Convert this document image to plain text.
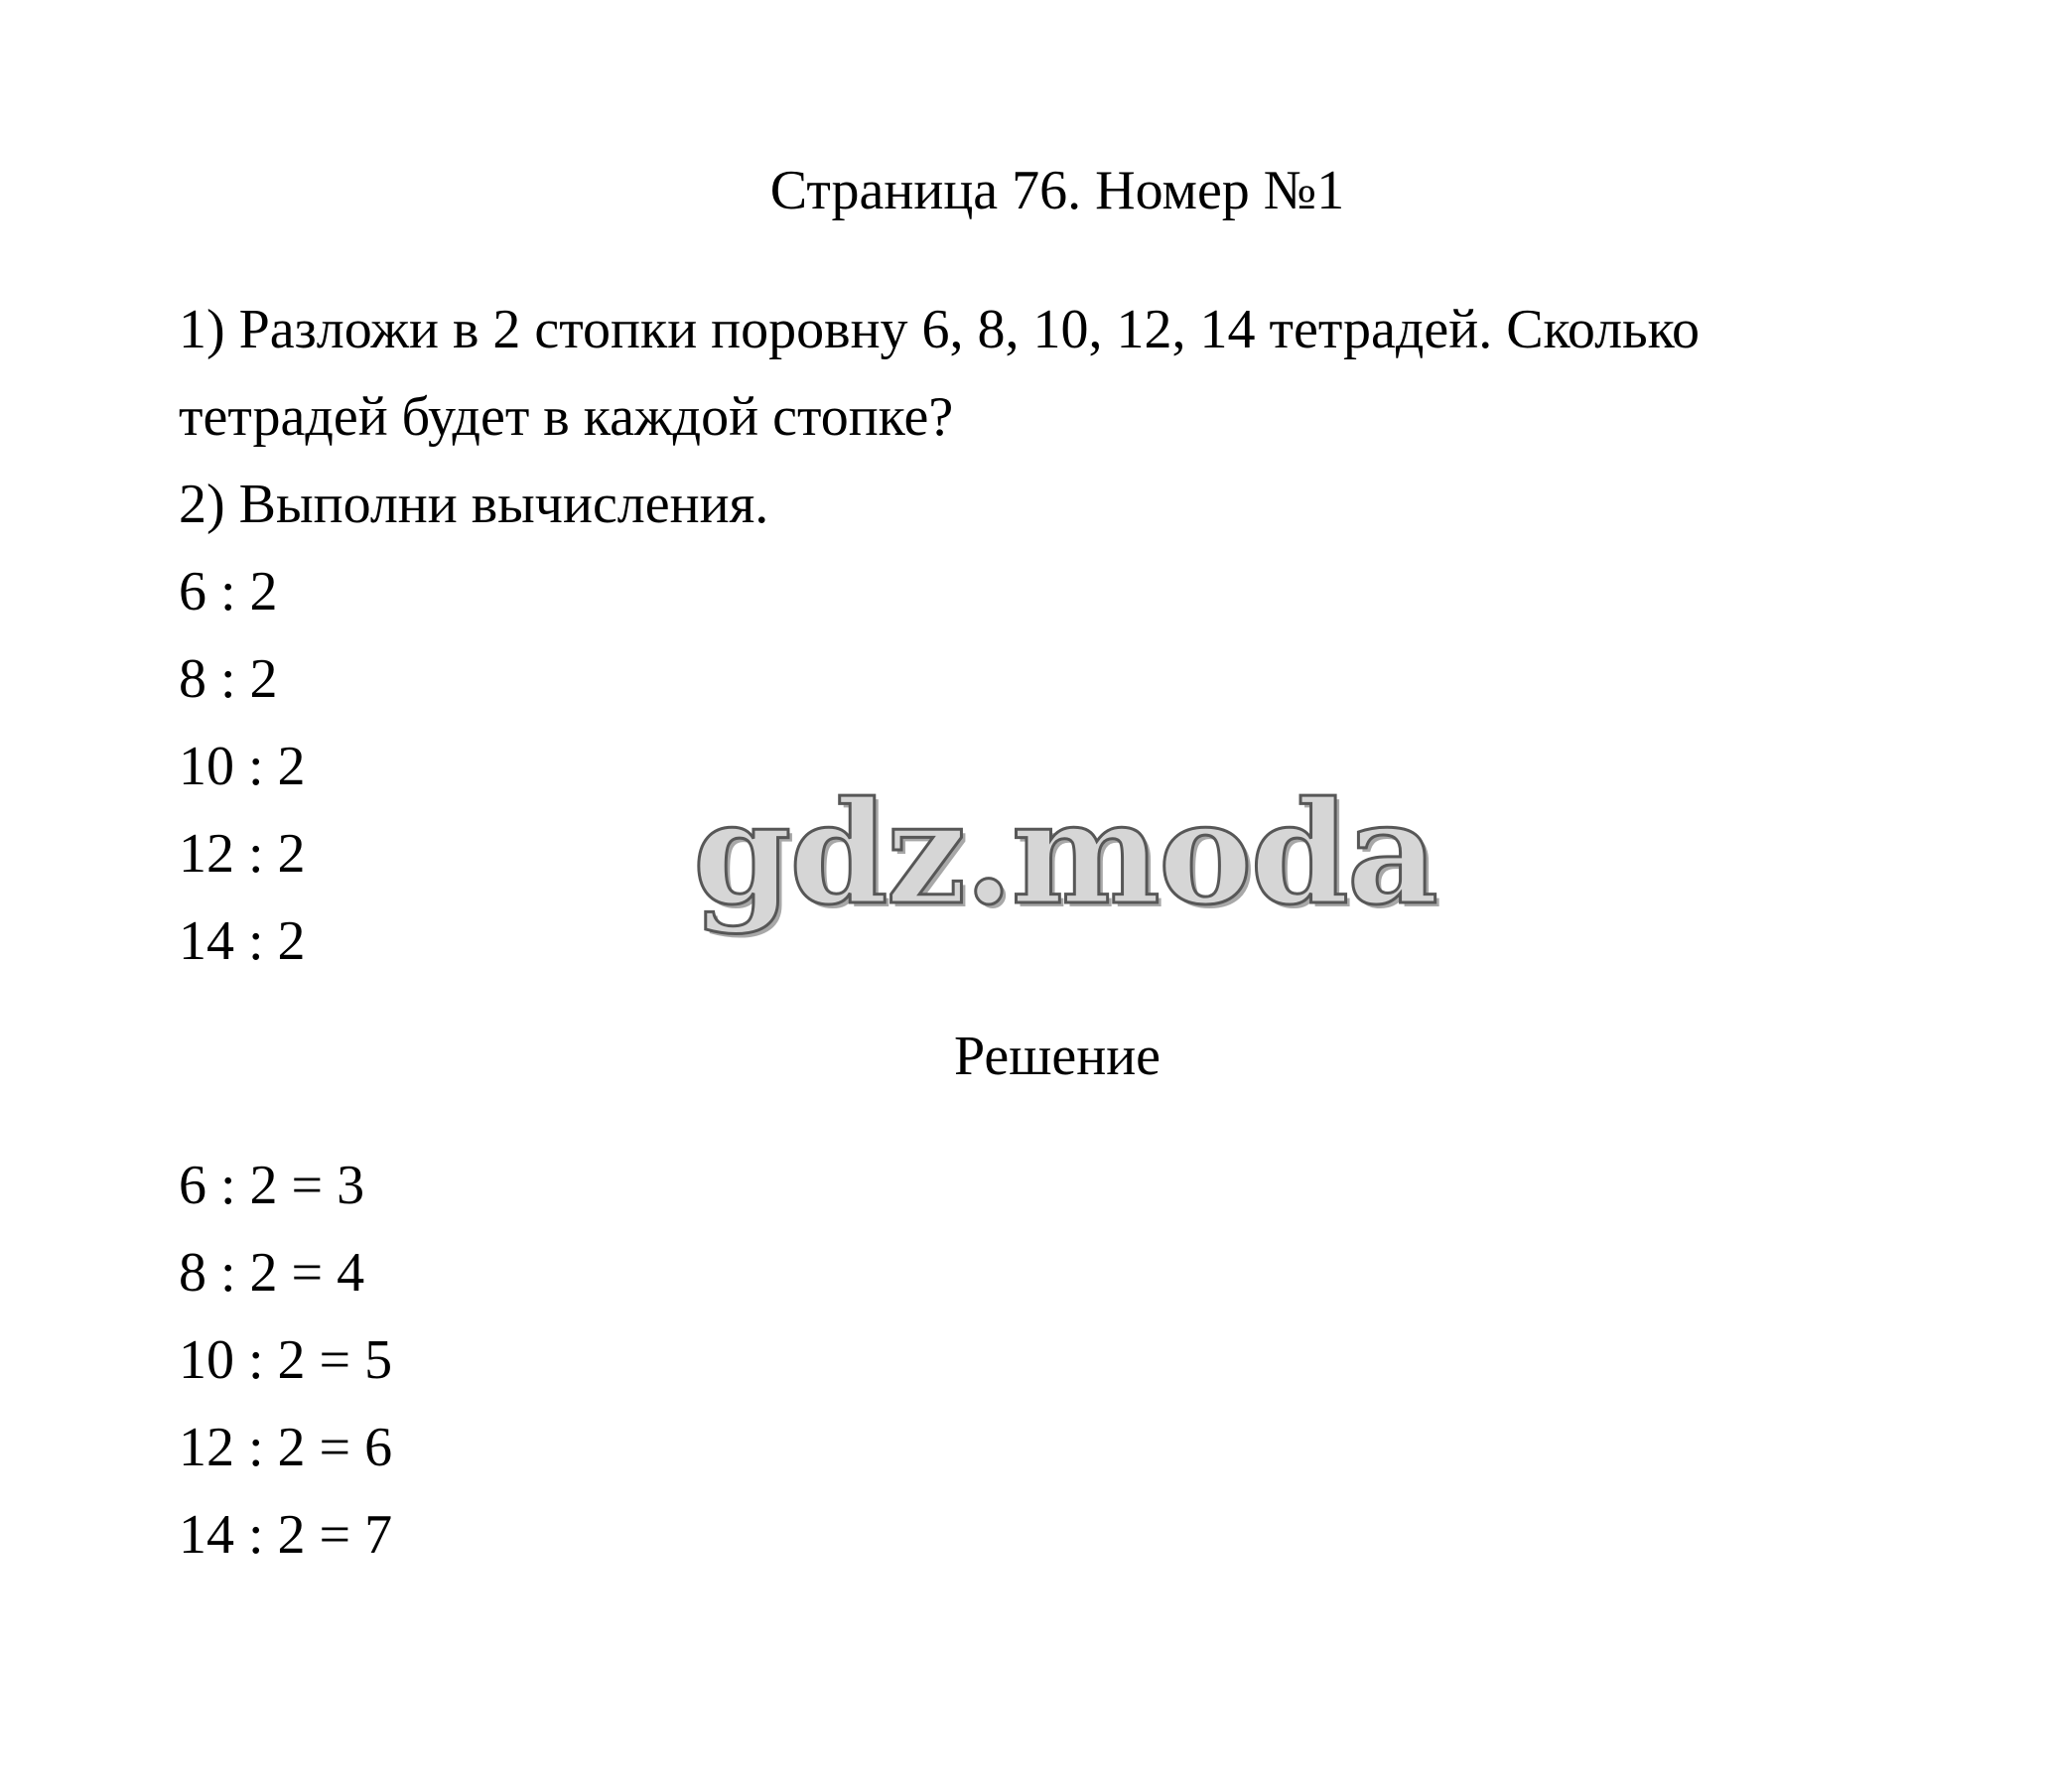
Страница 76. Номер №1

1) Разложи в 2 стопки поровну 6, 8, 10, 12, 14 тетрадей. Сколько тетрадей будет в каждой стопке?

2) Выполни вычисления.

6 : 2

8 : 2

10 : 2

12 : 2

14 : 2

gdz.moda
Решение

6 : 2 = 3

8 : 2 = 4

10 : 2 = 5

12 : 2 = 6

14 : 2 = 7
